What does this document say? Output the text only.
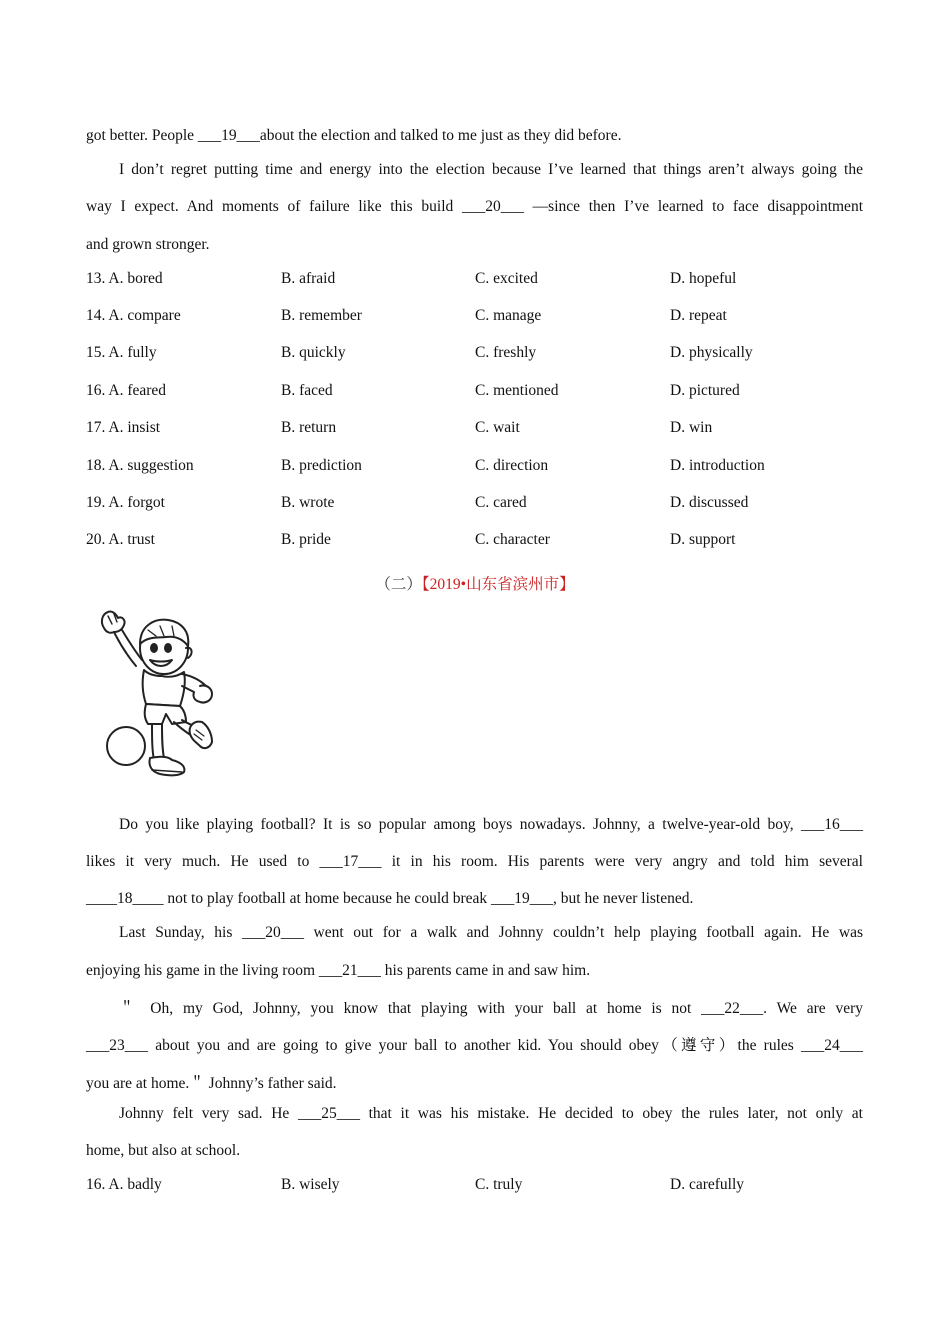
got better. People ___19___about the election and talked to me just as they did before.
I don’t regret putting time and energy into the election because I’ve learned that things aren’t always going the
way I expect. And moments of failure like this build ___20___ —since then I’ve learned to face disappointment
and grown stronger.
13. A. bored	B. afraid	C. excited	D. hopeful
14. A. compare	B. remember	C. manage	D. repeat
15. A. fully	B. quickly	C. freshly	D. physically
16. A. feared	B. faced	C. mentioned	D. pictured
17. A. insist	B. return	C. wait	D. win
18. A. suggestion	B. prediction	C. direction	D. introduction
19. A. forgot	B. wrote	C. cared	D. discussed
20. A. trust	B. pride	C. character	D. support
（二）【2019•山东省滨州市】
Do you like playing football? It is so popular among boys nowadays. Johnny, a twelve-year-old boy, ___16___
likes it very much. He used to ___17___ it in his room. His parents were very angry and told him several
____18____ not to play football at home because he could break ___19___, but he never listened.
Last Sunday, his ___20___ went out for a walk and Johnny couldn’t help playing football again. He was
enjoying his game in the living room ___21___ his parents came in and saw him.
＂ Oh, my God, Johnny, you know that playing with your ball at home is not ___22___. We are very
___23___ about you and are going to give your ball to another kid. You should obey（遵守）the rules ___24___
you are at home.＂ Johnny’s father said.
Johnny felt very sad. He ___25___ that it was his mistake. He decided to obey the rules later, not only at
home, but also at school.
16. A. badly	B. wisely	C. truly	D. carefully
